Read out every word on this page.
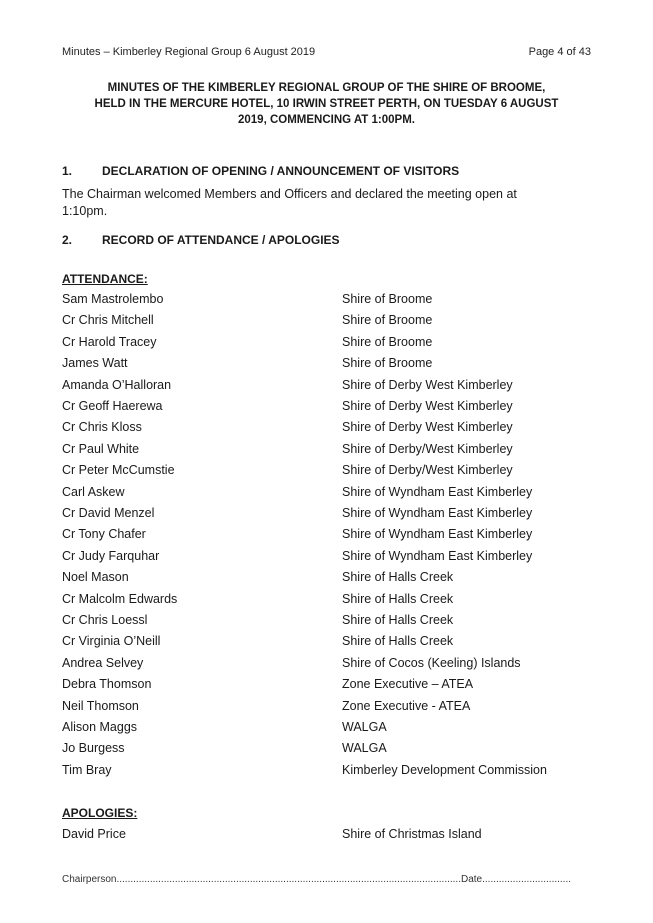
Minutes – Kimberley Regional Group 6 August 2019	Page 4 of 43
MINUTES OF THE KIMBERLEY REGIONAL GROUP OF THE SHIRE OF BROOME,
HELD IN THE MERCURE HOTEL, 10 IRWIN STREET PERTH, ON TUESDAY 6 AUGUST
2019, COMMENCING AT 1:00PM.
1. DECLARATION OF OPENING / ANNOUNCEMENT OF VISITORS
The Chairman welcomed Members and Officers and declared the meeting open at
1:10pm.
2. RECORD OF ATTENDANCE / APOLOGIES
ATTENDANCE:
Sam Mastrolembo	Shire of Broome
Cr Chris Mitchell	Shire of Broome
Cr Harold Tracey	Shire of Broome
James Watt	Shire of Broome
Amanda O’Halloran	Shire of Derby West Kimberley
Cr Geoff Haerewa	Shire of Derby West Kimberley
Cr Chris Kloss	Shire of Derby West Kimberley
Cr Paul White	Shire of Derby/West Kimberley
Cr Peter McCumstie	Shire of Derby/West Kimberley
Carl Askew	Shire of Wyndham East Kimberley
Cr David Menzel	Shire of Wyndham East Kimberley
Cr Tony Chafer	Shire of Wyndham East Kimberley
Cr Judy Farquhar	Shire of Wyndham East Kimberley
Noel Mason	Shire of Halls Creek
Cr Malcolm Edwards	Shire of Halls Creek
Cr Chris Loessl	Shire of Halls Creek
Cr Virginia O’Neill	Shire of Halls Creek
Andrea Selvey	Shire of Cocos (Keeling) Islands
Debra Thomson	Zone Executive – ATEA
Neil Thomson	Zone Executive - ATEA
Alison Maggs	WALGA
Jo Burgess	WALGA
Tim Bray	Kimberley Development Commission
APOLOGIES:
David Price	Shire of Christmas Island
Chairperson............................................................................................................................Date................................
